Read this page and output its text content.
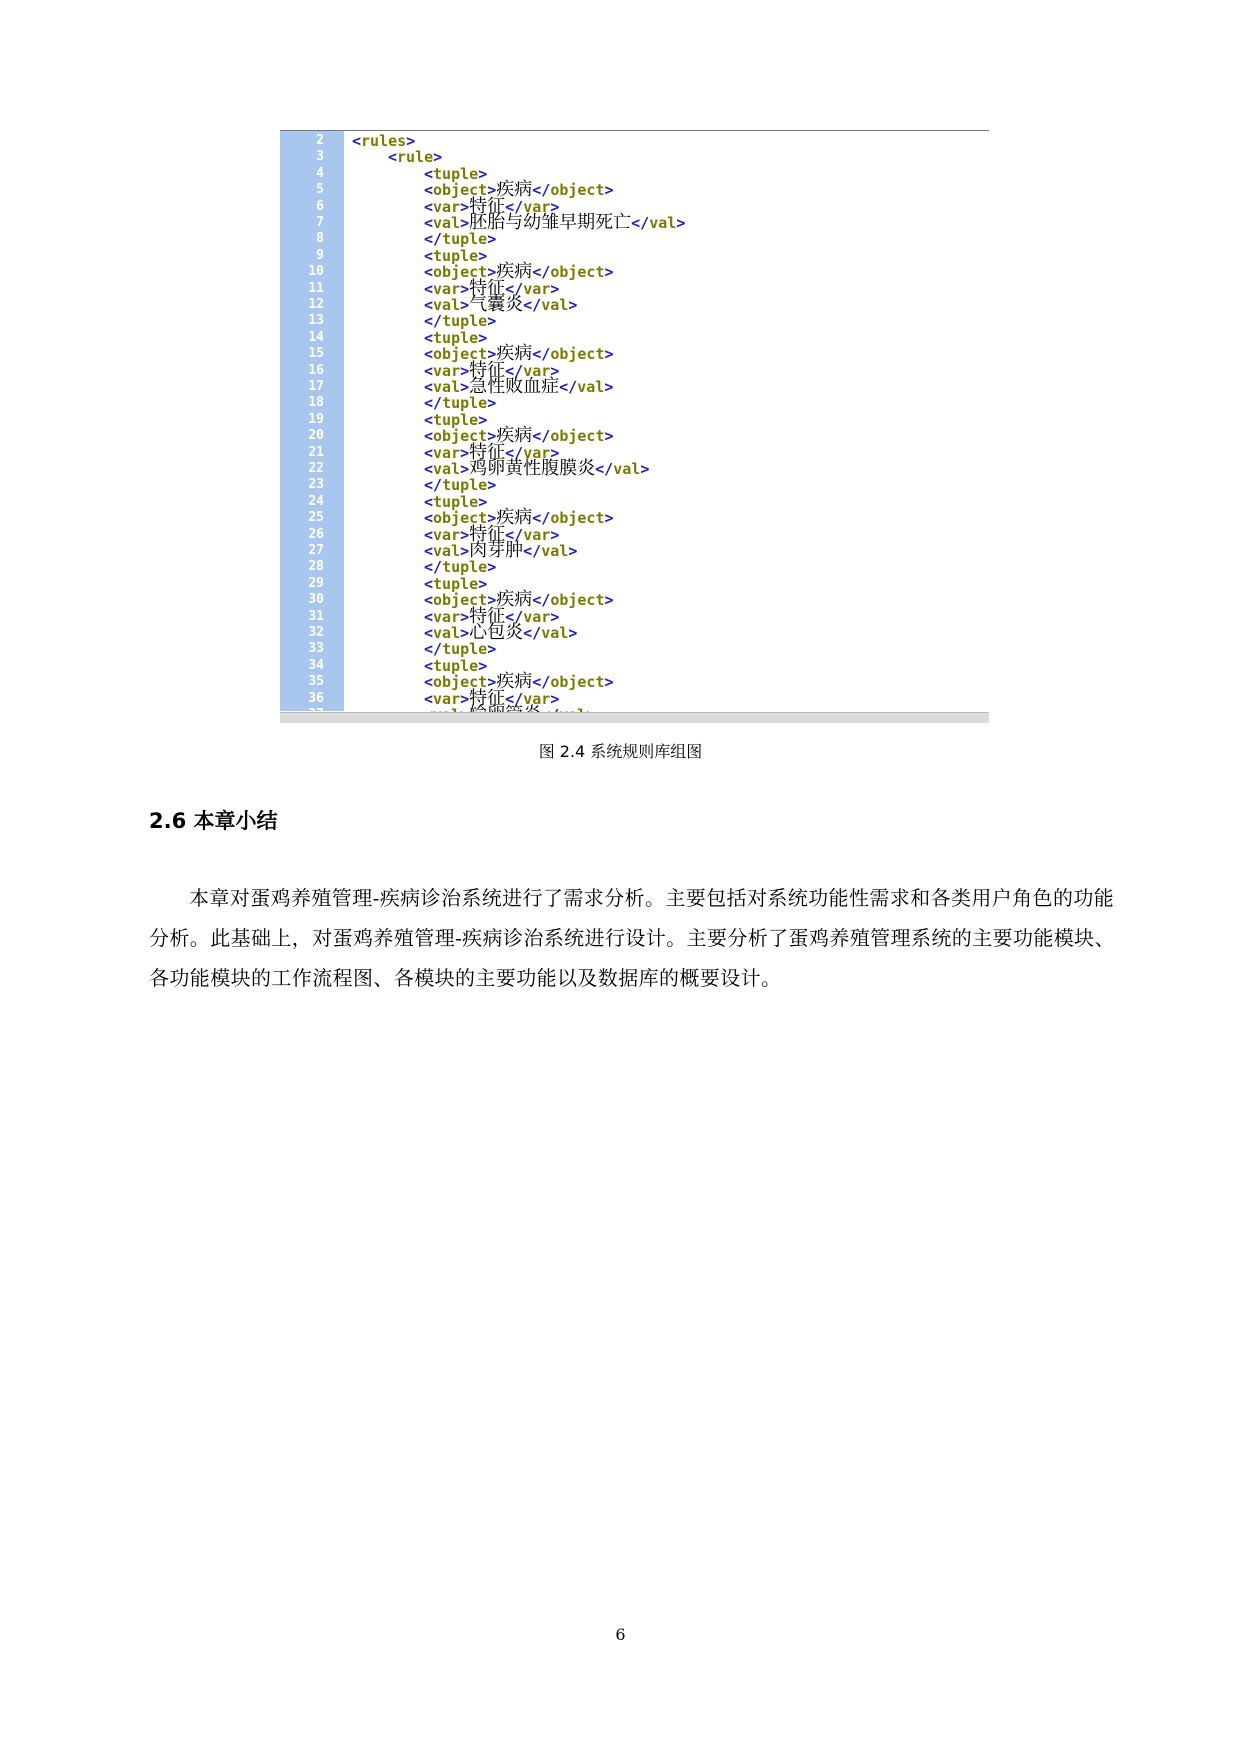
2 <rules>
3	<rule>
4	<tuple>
5	<object>疾病</object>
6	<var>特征</var>
7	<val>胚胎与幼雏早期死亡</val>
8	</tuple>
9	<tuple>
10	<object>疾病</object>
11	<var>特征</var>
12	<val>气囊炎</val>
13	</tuple>
14	<tuple>
15	<object>疾病</object>
16	<var>特征</var>
17	<val>急性败血症</val>
18	</tuple>
19	<tuple>
20	<object>疾病</object>
21	<var>特征</var>
22	<val>鸡卵黄性腹膜炎</val>
23	</tuple>
24	<tuple>
25	<object>疾病</object>
26	<var>特征</var>
27	<val>肉芽肿</val>
28	</tuple>
29	<tuple>
30	<object>疾病</object>
31	<var>特征</var>
32	<val>心包炎</val>
33	</tuple>
34	<tuple>
35	<object>疾病</object>
36	<var>特征</var>
图 2.4 系统规则库组图
2.6 本章小结
本章对蛋鸡养殖管理-疾病诊治系统进行了需求分析。主要包括对系统功能性需求和各类用户角色的功能分析。此基础上，对蛋鸡养殖管理-疾病诊治系统进行设计。主要分析了蛋鸡养殖管理系统的主要功能模块、各功能模块的工作流程图、各模块的主要功能以及数据库的概要设计。
6
